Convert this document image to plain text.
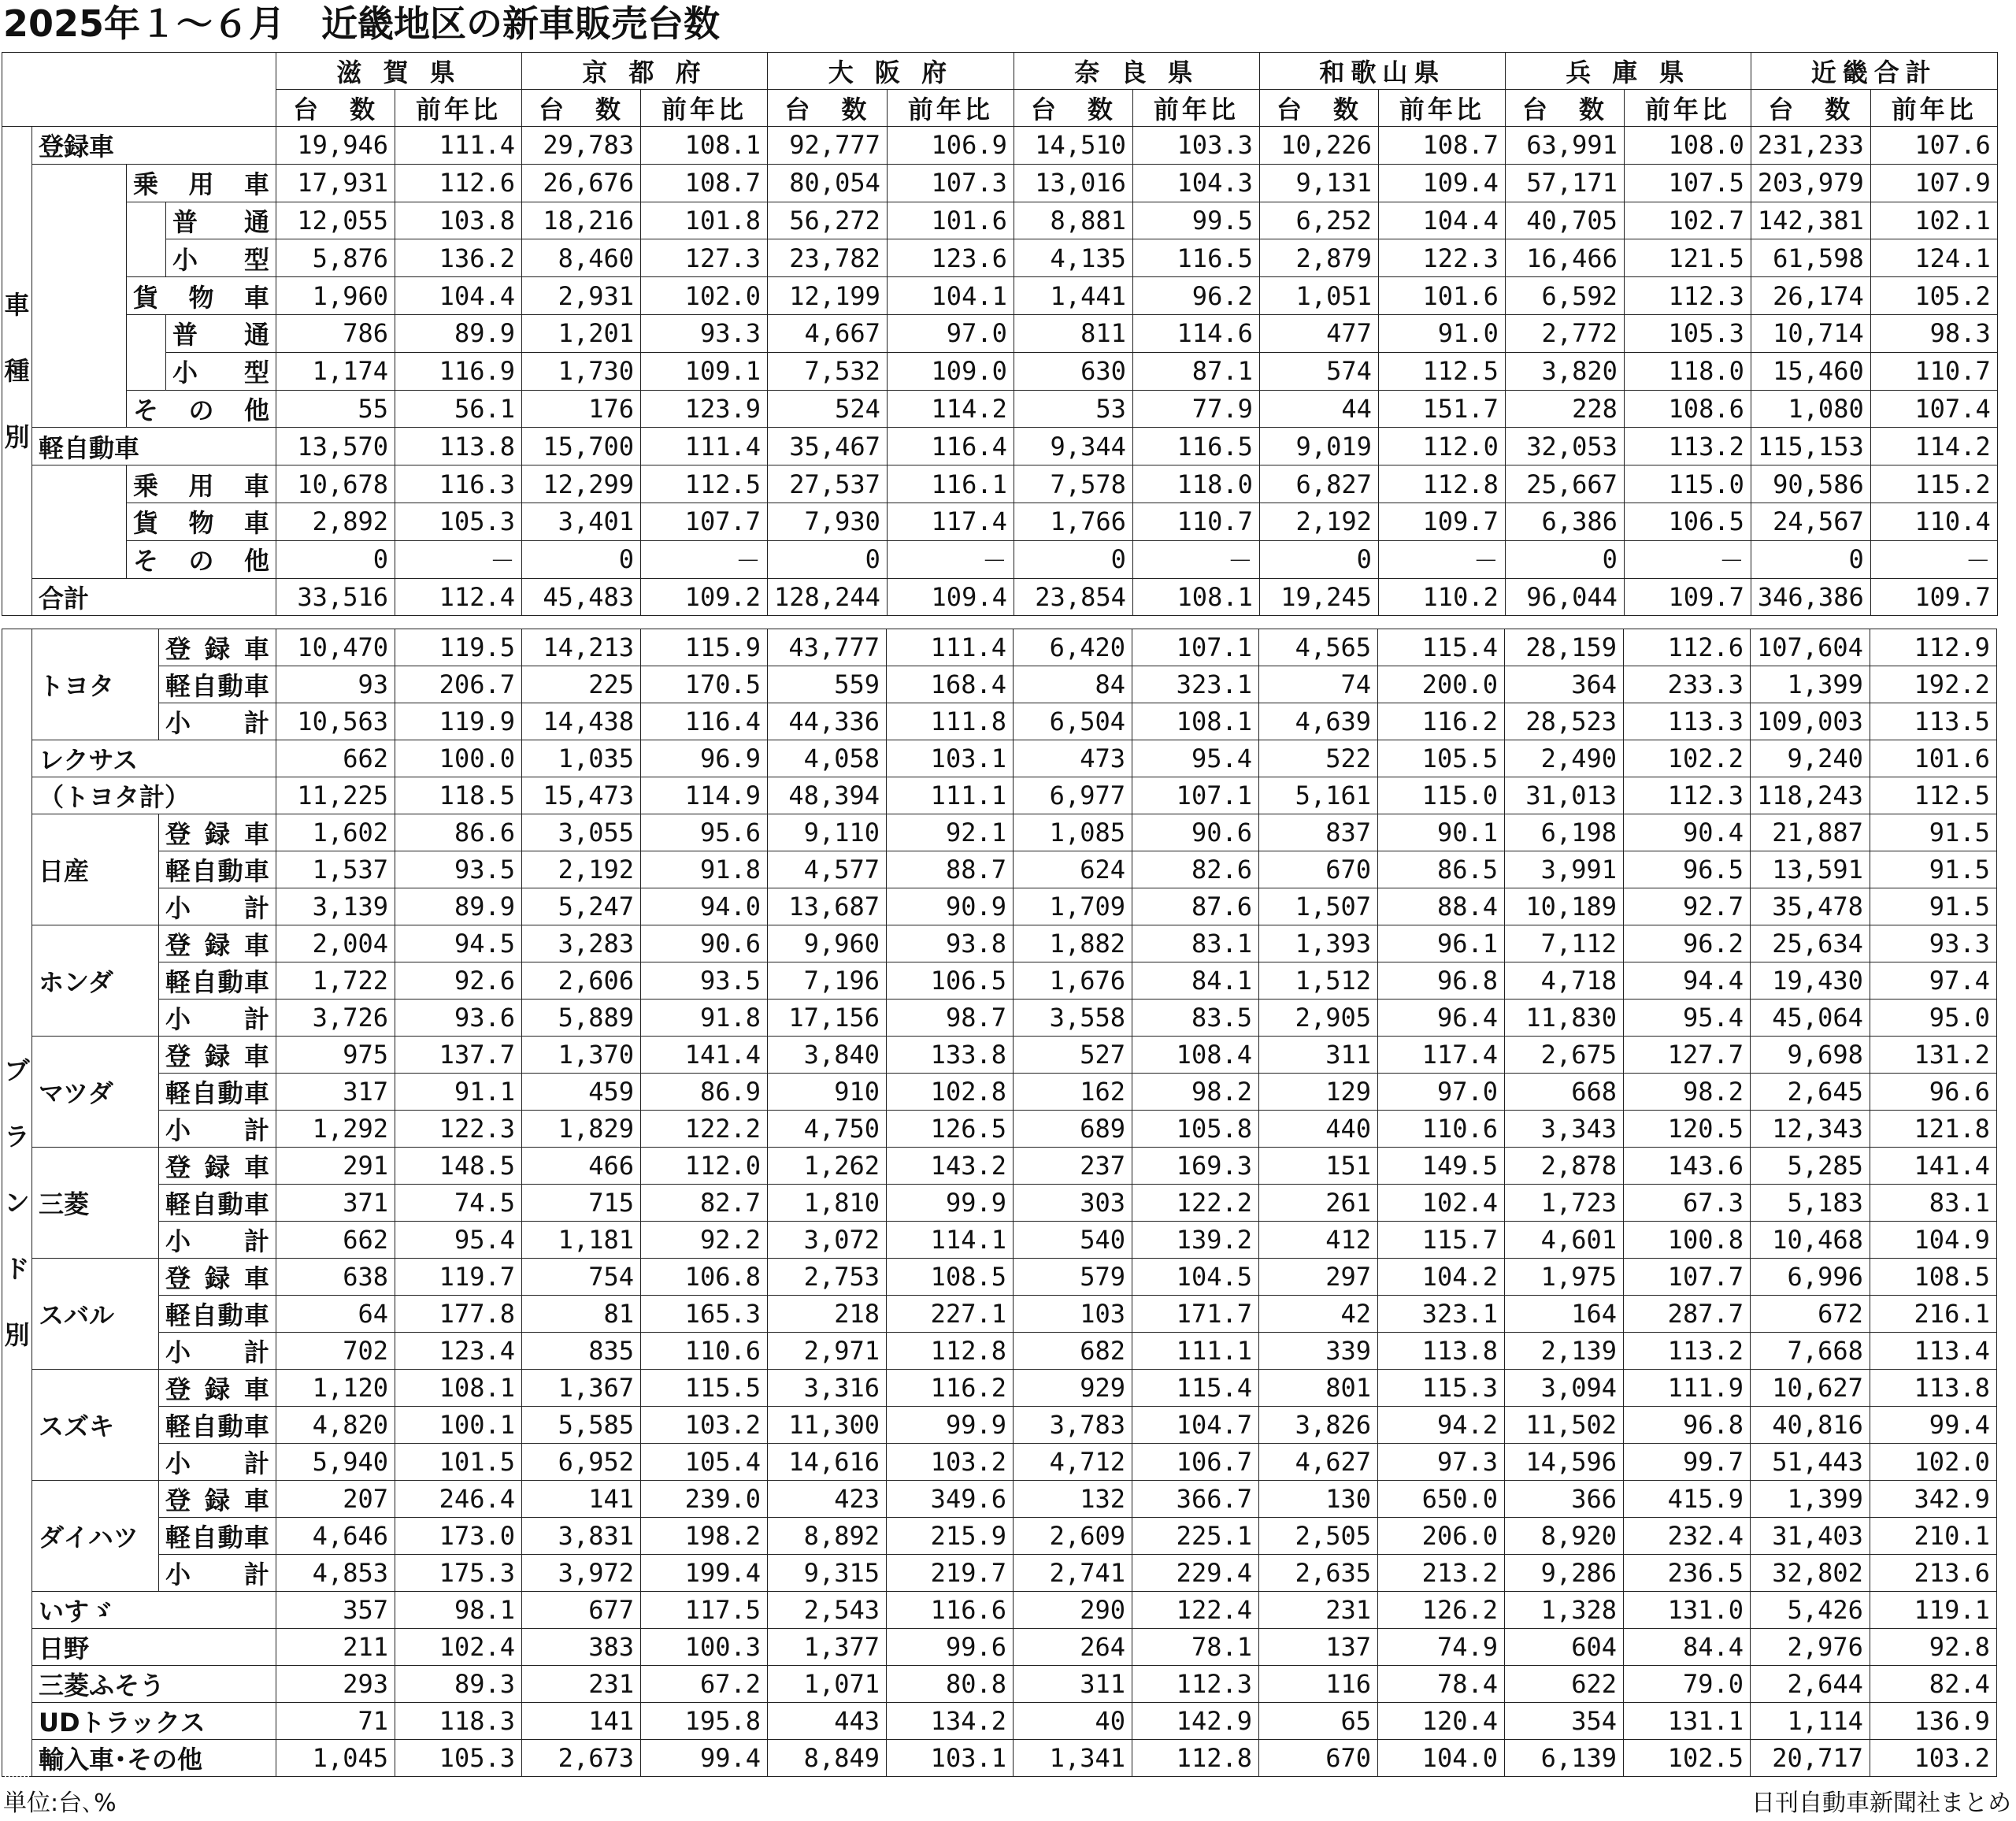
2025年１～６月　近畿地区の新車販売台数
				滋 賀 県		京 都 府		大 阪 府		奈 良 県		和歌山県		兵 庫 県		近畿合計	
				台　数	前年比	台　数	前年比	台　数	前年比	台　数	前年比	台　数	前年比	台　数	前年比	台　数	前年比

車
種
別	登録車			19,946	111.4	29,783	108.1	92,777	106.9	14,510	103.3	10,226	108.7	63,991	108.0	231,233	107.6
		乗　用　車		17,931	112.6	26,676	108.7	80,054	107.3	13,016	104.3	9,131	109.4	57,171	107.5	203,979	107.9
			普　通	12,055	103.8	18,216	101.8	56,272	101.6	8,881	99.5	6,252	104.4	40,705	102.7	142,381	102.1
			小　型	5,876	136.2	8,460	127.3	23,782	123.6	4,135	116.5	2,879	122.3	16,466	121.5	61,598	124.1
		貨　物　車		1,960	104.4	2,931	102.0	12,199	104.1	1,441	96.2	1,051	101.6	6,592	112.3	26,174	105.2
			普　通	786	89.9	1,201	93.3	4,667	97.0	811	114.6	477	91.0	2,772	105.3	10,714	98.3
			小　型	1,174	116.9	1,730	109.1	7,532	109.0	630	87.1	574	112.5	3,820	118.0	15,460	110.7
		そ　の　他		55	56.1	176	123.9	524	114.2	53	77.9	44	151.7	228	108.6	1,080	107.4
	軽自動車			13,570	113.8	15,700	111.4	35,467	116.4	9,344	116.5	9,019	112.0	32,053	113.2	115,153	114.2
		乗　用　車		10,678	116.3	12,299	112.5	27,537	116.1	7,578	118.0	6,827	112.8	25,667	115.0	90,586	115.2
		貨　物　車		2,892	105.3	3,401	107.7	7,930	117.4	1,766	110.7	2,192	109.7	6,386	106.5	24,567	110.4
		そ　の　他		0	－	0	－	0	－	0	－	0	－	0	－	0	－
	合計			33,516	112.4	45,483	109.2	128,244	109.4	23,854	108.1	19,245	110.2	96,044	109.7	346,386	109.7
ブ
ラ
ン
ド
別	トヨタ	登 録 車	10,470	119.5	14,213	115.9	43,777	111.4	6,420	107.1	4,565	115.4	28,159	112.6	107,604	112.9
		軽自動車	93	206.7	225	170.5	559	168.4	84	323.1	74	200.0	364	233.3	1,399	192.2
		小　計	10,563	119.9	14,438	116.4	44,336	111.8	6,504	108.1	4,639	116.2	28,523	113.3	109,003	113.5
	レクサス		662	100.0	1,035	96.9	4,058	103.1	473	95.4	522	105.5	2,490	102.2	9,240	101.6
	（トヨタ計）		11,225	118.5	15,473	114.9	48,394	111.1	6,977	107.1	5,161	115.0	31,013	112.3	118,243	112.5
	日産	登 録 車	1,602	86.6	3,055	95.6	9,110	92.1	1,085	90.6	837	90.1	6,198	90.4	21,887	91.5
		軽自動車	1,537	93.5	2,192	91.8	4,577	88.7	624	82.6	670	86.5	3,991	96.5	13,591	91.5
		小　計	3,139	89.9	5,247	94.0	13,687	90.9	1,709	87.6	1,507	88.4	10,189	92.7	35,478	91.5
	ホンダ	登 録 車	2,004	94.5	3,283	90.6	9,960	93.8	1,882	83.1	1,393	96.1	7,112	96.2	25,634	93.3
		軽自動車	1,722	92.6	2,606	93.5	7,196	106.5	1,676	84.1	1,512	96.8	4,718	94.4	19,430	97.4
		小　計	3,726	93.6	5,889	91.8	17,156	98.7	3,558	83.5	2,905	96.4	11,830	95.4	45,064	95.0
	マツダ	登 録 車	975	137.7	1,370	141.4	3,840	133.8	527	108.4	311	117.4	2,675	127.7	9,698	131.2
		軽自動車	317	91.1	459	86.9	910	102.8	162	98.2	129	97.0	668	98.2	2,645	96.6
		小　計	1,292	122.3	1,829	122.2	4,750	126.5	689	105.8	440	110.6	3,343	120.5	12,343	121.8
	三菱	登 録 車	291	148.5	466	112.0	1,262	143.2	237	169.3	151	149.5	2,878	143.6	5,285	141.4
		軽自動車	371	74.5	715	82.7	1,810	99.9	303	122.2	261	102.4	1,723	67.3	5,183	83.1
		小　計	662	95.4	1,181	92.2	3,072	114.1	540	139.2	412	115.7	4,601	100.8	10,468	104.9
	スバル	登 録 車	638	119.7	754	106.8	2,753	108.5	579	104.5	297	104.2	1,975	107.7	6,996	108.5
		軽自動車	64	177.8	81	165.3	218	227.1	103	171.7	42	323.1	164	287.7	672	216.1
		小　計	702	123.4	835	110.6	2,971	112.8	682	111.1	339	113.8	2,139	113.2	7,668	113.4
	スズキ	登 録 車	1,120	108.1	1,367	115.5	3,316	116.2	929	115.4	801	115.3	3,094	111.9	10,627	113.8
		軽自動車	4,820	100.1	5,585	103.2	11,300	99.9	3,783	104.7	3,826	94.2	11,502	96.8	40,816	99.4
		小　計	5,940	101.5	6,952	105.4	14,616	103.2	4,712	106.7	4,627	97.3	14,596	99.7	51,443	102.0
	ダイハツ	登 録 車	207	246.4	141	239.0	423	349.6	132	366.7	130	650.0	366	415.9	1,399	342.9
		軽自動車	4,646	173.0	3,831	198.2	8,892	215.9	2,609	225.1	2,505	206.0	8,920	232.4	31,403	210.1
		小　計	4,853	175.3	3,972	199.4	9,315	219.7	2,741	229.4	2,635	213.2	9,286	236.5	32,802	213.6
	いすゞ		357	98.1	677	117.5	2,543	116.6	290	122.4	231	126.2	1,328	131.0	5,426	119.1
	日野		211	102.4	383	100.3	1,377	99.6	264	78.1	137	74.9	604	84.4	2,976	92.8
	三菱ふそう		293	89.3	231	67.2	1,071	80.8	311	112.3	116	78.4	622	79.0	2,644	82.4
	UDトラックス		71	118.3	141	195.8	443	134.2	40	142.9	65	120.4	354	131.1	1,114	136.9
	輸入車･その他		1,045	105.3	2,673	99.4	8,849	103.1	1,341	112.8	670	104.0	6,139	102.5	20,717	103.2
単位:台､%	日刊自動車新聞社まとめ
